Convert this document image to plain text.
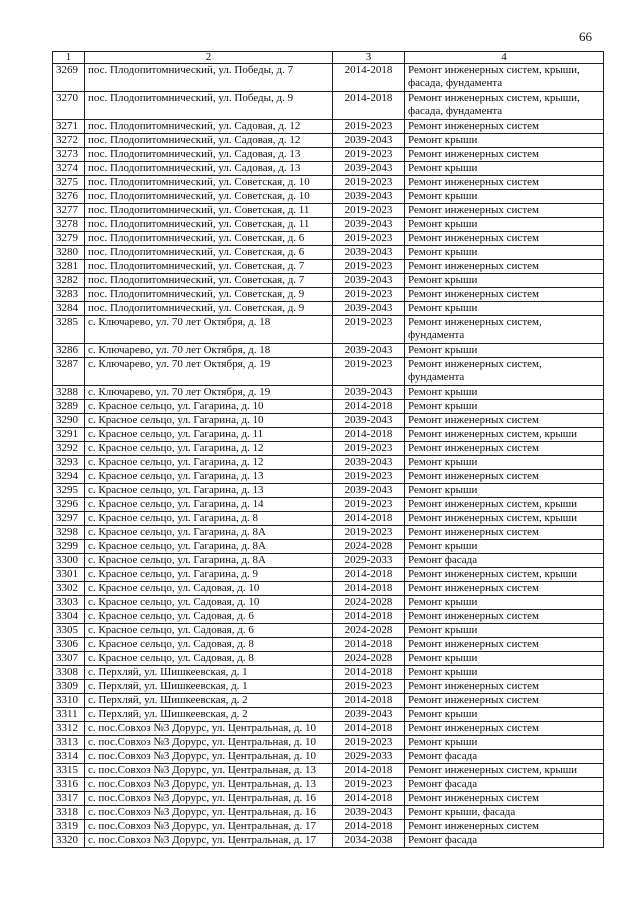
66
1	2	3	4
3269	пос. Плодопитомнический, ул. Победы, д. 7	2014-2018	Ремонт инженерных систем, крыши, фасада, фундамента
3270	пос. Плодопитомнический, ул. Победы, д. 9	2014-2018	Ремонт инженерных систем, крыши, фасада, фундамента
3271	пос. Плодопитомнический, ул. Садовая, д. 12	2019-2023	Ремонт инженерных систем
3272	пос. Плодопитомнический, ул. Садовая, д. 12	2039-2043	Ремонт крыши
3273	пос. Плодопитомнический, ул. Садовая, д. 13	2019-2023	Ремонт инженерных систем
3274	пос. Плодопитомнический, ул. Садовая, д. 13	2039-2043	Ремонт крыши
3275	пос. Плодопитомнический, ул. Советская, д. 10	2019-2023	Ремонт инженерных систем
3276	пос. Плодопитомнический, ул. Советская, д. 10	2039-2043	Ремонт крыши
3277	пос. Плодопитомнический, ул. Советская, д. 11	2019-2023	Ремонт инженерных систем
3278	пос. Плодопитомнический, ул. Советская, д. 11	2039-2043	Ремонт крыши
3279	пос. Плодопитомнический, ул. Советская, д. 6	2019-2023	Ремонт инженерных систем
3280	пос. Плодопитомнический, ул. Советская, д. 6	2039-2043	Ремонт крыши
3281	пос. Плодопитомнический, ул. Советская, д. 7	2019-2023	Ремонт инженерных систем
3282	пос. Плодопитомнический, ул. Советская, д. 7	2039-2043	Ремонт крыши
3283	пос. Плодопитомнический, ул. Советская, д. 9	2019-2023	Ремонт инженерных систем
3284	пос. Плодопитомнический, ул. Советская, д. 9	2039-2043	Ремонт крыши
3285	с. Ключарево, ул. 70 лет Октября, д. 18	2019-2023	Ремонт инженерных систем, фундамента
3286	с. Ключарево, ул. 70 лет Октября, д. 18	2039-2043	Ремонт крыши
3287	с. Ключарево, ул. 70 лет Октября, д. 19	2019-2023	Ремонт инженерных систем, фундамента
3288	с. Ключарево, ул. 70 лет Октября, д. 19	2039-2043	Ремонт крыши
3289	с. Красное сельцо, ул. Гагарина, д. 10	2014-2018	Ремонт крыши
3290	с. Красное сельцо, ул. Гагарина, д. 10	2039-2043	Ремонт инженерных систем
3291	с. Красное сельцо, ул. Гагарина, д. 11	2014-2018	Ремонт инженерных систем, крыши
3292	с. Красное сельцо, ул. Гагарина, д. 12	2019-2023	Ремонт инженерных систем
3293	с. Красное сельцо, ул. Гагарина, д. 12	2039-2043	Ремонт крыши
3294	с. Красное сельцо, ул. Гагарина, д. 13	2019-2023	Ремонт инженерных систем
3295	с. Красное сельцо, ул. Гагарина, д. 13	2039-2043	Ремонт крыши
3296	с. Красное сельцо, ул. Гагарина, д. 14	2019-2023	Ремонт инженерных систем, крыши
3297	с. Красное сельцо, ул. Гагарина, д. 8	2014-2018	Ремонт инженерных систем, крыши
3298	с. Красное сельцо, ул. Гагарина, д. 8А	2019-2023	Ремонт инженерных систем
3299	с. Красное сельцо, ул. Гагарина, д. 8А	2024-2028	Ремонт крыши
3300	с. Красное сельцо, ул. Гагарина, д. 8А	2029-2033	Ремонт фасада
3301	с. Красное сельцо, ул. Гагарина, д. 9	2014-2018	Ремонт инженерных систем, крыши
3302	с. Красное сельцо, ул. Садовая, д. 10	2014-2018	Ремонт инженерных систем
3303	с. Красное сельцо, ул. Садовая, д. 10	2024-2028	Ремонт крыши
3304	с. Красное сельцо, ул. Садовая, д. 6	2014-2018	Ремонт инженерных систем
3305	с. Красное сельцо, ул. Садовая, д. 6	2024-2028	Ремонт крыши
3306	с. Красное сельцо, ул. Садовая, д. 8	2014-2018	Ремонт инженерных систем
3307	с. Красное сельцо, ул. Садовая, д. 8	2024-2028	Ремонт крыши
3308	с. Перхляй, ул. Шишкеевская, д. 1	2014-2018	Ремонт крыши
3309	с. Перхляй, ул. Шишкеевская, д. 1	2019-2023	Ремонт инженерных систем
3310	с. Перхляй, ул. Шишкеевская, д. 2	2014-2018	Ремонт инженерных систем
3311	с. Перхляй, ул. Шишкеевская, д. 2	2039-2043	Ремонт крыши
3312	с. пос.Совхоз №3 Дорурс, ул. Центральная, д. 10	2014-2018	Ремонт инженерных систем
3313	с. пос.Совхоз №3 Дорурс, ул. Центральная, д. 10	2019-2023	Ремонт крыши
3314	с. пос.Совхоз №3 Дорурс, ул. Центральная, д. 10	2029-2033	Ремонт фасада
3315	с. пос.Совхоз №3 Дорурс, ул. Центральная, д. 13	2014-2018	Ремонт инженерных систем, крыши
3316	с. пос.Совхоз №3 Дорурс, ул. Центральная, д. 13	2019-2023	Ремонт фасада
3317	с. пос.Совхоз №3 Дорурс, ул. Центральная, д. 16	2014-2018	Ремонт инженерных систем
3318	с. пос.Совхоз №3 Дорурс, ул. Центральная, д. 16	2039-2043	Ремонт крыши, фасада
3319	с. пос.Совхоз №3 Дорурс, ул. Центральная, д. 17	2014-2018	Ремонт инженерных систем
3320	с. пос.Совхоз №3 Дорурс, ул. Центральная, д. 17	2034-2038	Ремонт фасада
